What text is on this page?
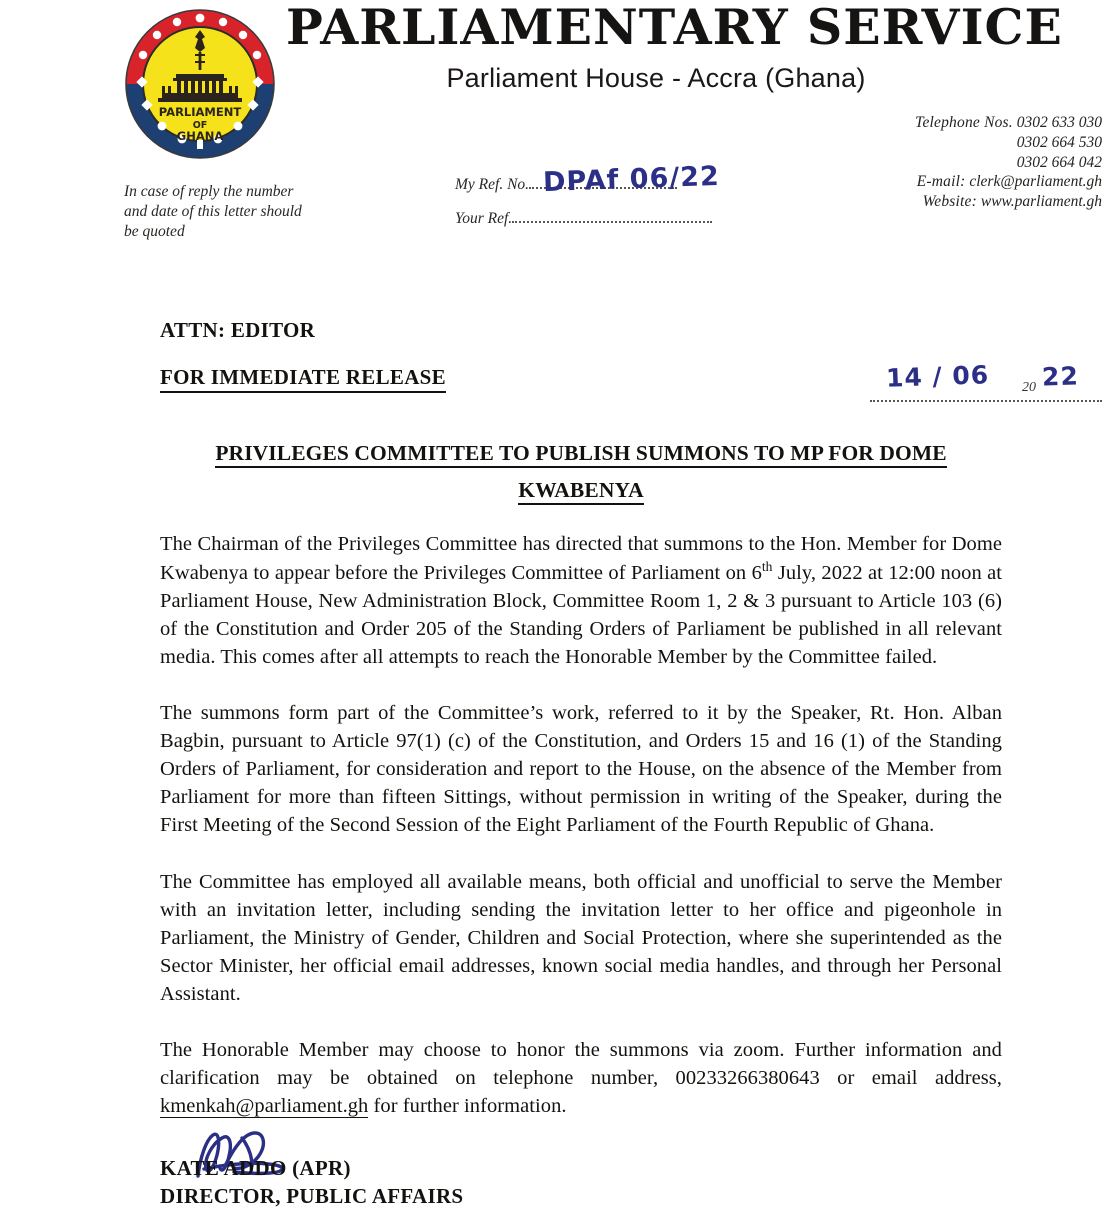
PARLIAMENT
OF
GHANA
PARLIAMENTARY SERVICE
Parliament House - Accra (Ghana)
Telephone Nos. 0302 633 030
0302 664 530
0302 664 042
E-mail: clerk@parliament.gh
Website: www.parliament.gh
In case of reply the number
and date of this letter should
be quoted
My Ref. No. DPAf 06/22
Your Ref.
14 / 06 20 22
ATTN: EDITOR
FOR IMMEDIATE RELEASE
PRIVILEGES COMMITTEE TO PUBLISH SUMMONS TO MP FOR DOME
KWABENYA

The Chairman of the Privileges Committee has directed that summons to the Hon. Member for Dome Kwabenya to appear before the Privileges Committee of Parliament on 6th July, 2022 at 12:00 noon at Parliament House, New Administration Block, Committee Room 1, 2 & 3 pursuant to Article 103 (6) of the Constitution and Order 205 of the Standing Orders of Parliament be published in all relevant media. This comes after all attempts to reach the Honorable Member by the Committee failed.

The summons form part of the Committee’s work, referred to it by the Speaker, Rt. Hon. Alban Bagbin, pursuant to Article 97(1) (c) of the Constitution, and Orders 15 and 16 (1) of the Standing Orders of Parliament, for consideration and report to the House, on the absence of the Member from Parliament for more than fifteen Sittings, without permission in writing of the Speaker, during the First Meeting of the Second Session of the Eight Parliament of the Fourth Republic of Ghana.

The Committee has employed all available means, both official and unofficial to serve the Member with an invitation letter, including sending the invitation letter to her office and pigeonhole in Parliament, the Ministry of Gender, Children and Social Protection, where she superintended as the Sector Minister, her official email addresses, known social media handles, and through her Personal Assistant.

The Honorable Member may choose to honor the summons via zoom. Further information and clarification may be obtained on telephone number, 00233266380643 or email address, kmenkah@parliament.gh for further information.

KATE ADDO (APR)
DIRECTOR, PUBLIC AFFAIRS
